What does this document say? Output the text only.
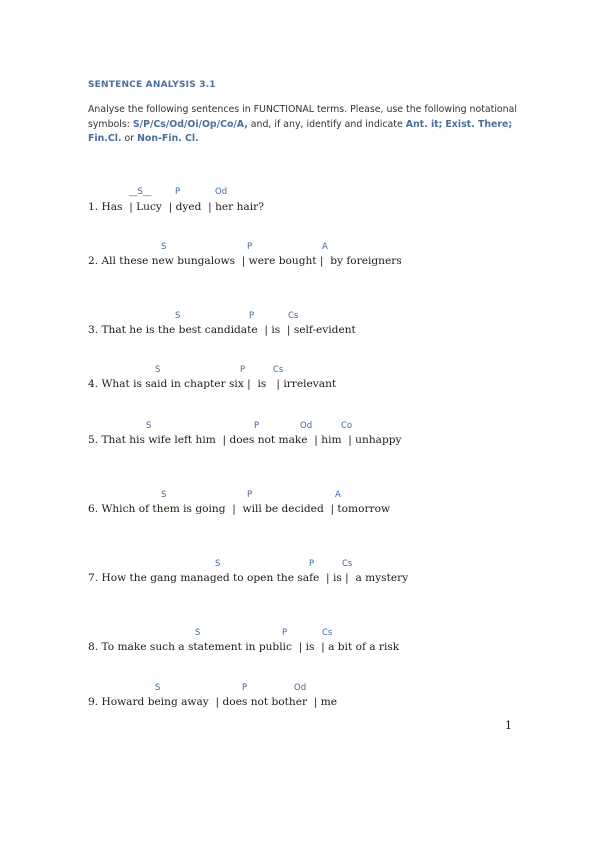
SENTENCE ANALYSIS 3.1
Analyse the following sentences in FUNCTIONAL terms. Please, use the following notational symbols: S/P/Cs/Od/Oi/Op/Co/A, and, if any, identify and indicate Ant. it; Exist. There; Fin.Cl. or Non-Fin. Cl.
__S__	P	Od
1. Has  | Lucy  | dyed  | her hair?
S	P	A
2. All these new bungalows  | were bought |  by foreigners
S	P	Cs
3. That he is the best candidate  | is  | self-evident
S	P	Cs
4. What is said in chapter six |  is   | irrelevant
S	P	Od	Co
5. That his wife left him  | does not make  | him  | unhappy
S	P	A
6. Which of them is going  |  will be decided  | tomorrow
S	P	Cs
7. How the gang managed to open the safe  | is |  a mystery
S	P	Cs
8. To make such a statement in public  | is  | a bit of a risk
S	P	Od
9. Howard being away  | does not bother  | me
1
